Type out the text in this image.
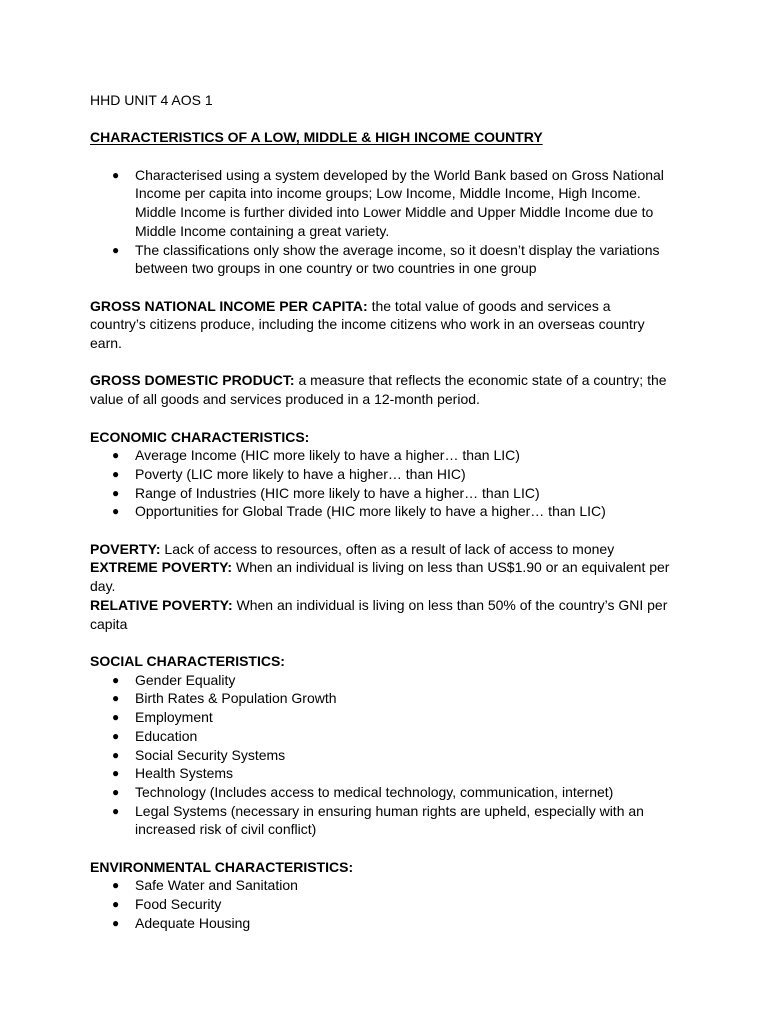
HHD UNIT 4 AOS 1

CHARACTERISTICS OF A LOW, MIDDLE & HIGH INCOME COUNTRY

● Characterised using a system developed by the World Bank based on Gross National Income per capita into income groups; Low Income, Middle Income, High Income. Middle Income is further divided into Lower Middle and Upper Middle Income due to Middle Income containing a great variety.
● The classifications only show the average income, so it doesn’t display the variations between two groups in one country or two countries in one group

GROSS NATIONAL INCOME PER CAPITA: the total value of goods and services a country’s citizens produce, including the income citizens who work in an overseas country earn.

GROSS DOMESTIC PRODUCT: a measure that reflects the economic state of a country; the value of all goods and services produced in a 12-month period.

ECONOMIC CHARACTERISTICS:

● Average Income (HIC more likely to have a higher… than LIC)
● Poverty (LIC more likely to have a higher… than HIC)
● Range of Industries (HIC more likely to have a higher… than LIC)
● Opportunities for Global Trade (HIC more likely to have a higher… than LIC)

POVERTY: Lack of access to resources, often as a result of lack of access to money

EXTREME POVERTY: When an individual is living on less than US$1.90 or an equivalent per day.

RELATIVE POVERTY: When an individual is living on less than 50% of the country’s GNI per capita

SOCIAL CHARACTERISTICS:

● Gender Equality
● Birth Rates & Population Growth
● Employment
● Education
● Social Security Systems
● Health Systems
● Technology (Includes access to medical technology, communication, internet)
● Legal Systems (necessary in ensuring human rights are upheld, especially with an increased risk of civil conflict)

ENVIRONMENTAL CHARACTERISTICS:

● Safe Water and Sanitation
● Food Security
● Adequate Housing
